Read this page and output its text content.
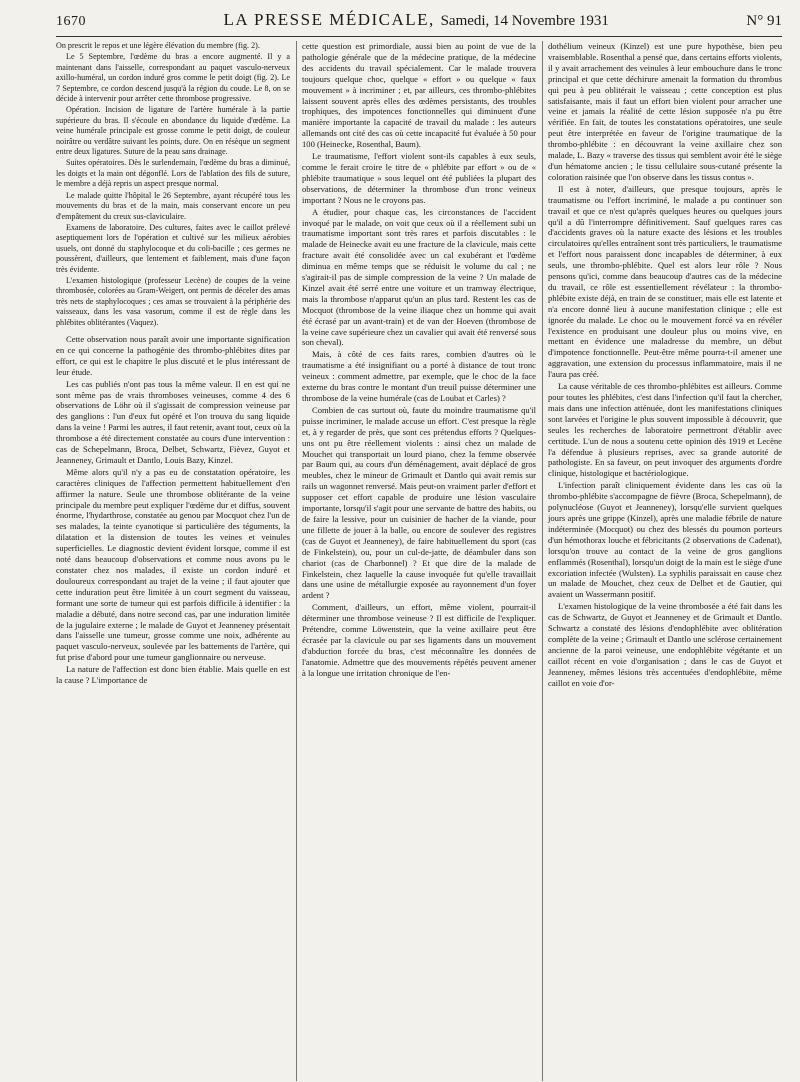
1670	LA PRESSE MÉDICALE, Samedi, 14 Novembre 1931	N° 91

On prescrit le repos et une légère élévation du membre (fig. 2).

Le 5 Septembre, l'œdème du bras a encore augmenté. Il y a maintenant dans l'aisselle, correspondant au paquet vasculo-nerveux axillo-huméral, un cordon induré gros comme le petit doigt (fig. 2). Le 7 Septembre, ce cordon descend jusqu'à la région du coude. Le 8, on se décide à intervenir pour arrêter cette thrombose progressive.

Opération. Incision de ligature de l'artère humérale à la partie supérieure du bras. Il s'écoule en abondance du liquide d'œdème. La veine humérale principale est grosse comme le petit doigt, de couleur noirâtre ou verdâtre suivant les points, dure. On en résèque un segment entre deux ligatures. Suture de la peau sans drainage.

Suites opératoires. Dès le surlendemain, l'œdème du bras a diminué, les doigts et la main ont dégonflé. Lors de l'ablation des fils de suture, le membre a déjà repris un aspect presque normal.

Le malade quitte l'hôpital le 26 Septembre, ayant récupéré tous les mouvements du bras et de la main, mais conservant encore un peu d'empâtement du creux sus-claviculaire.

Examens de laboratoire. Des cultures, faites avec le caillot prélevé aseptiquement lors de l'opération et cultivé sur les milieux aérobies usuels, ont donné du staphylocoque et du coli-bacille ; ces germes ne poussèrent, d'ailleurs, que lentement et faiblement, mais d'une façon très évidente.

L'examen histologique (professeur Lecène) de coupes de la veine thrombosée, colorées au Gram-Weigert, ont permis de déceler des amas très nets de staphylocoques ; ces amas se trouvaient à la périphérie des vaisseaux, dans les vasa vasorum, comme il est de règle dans les phlébites oblitérantes (Vaquez).

Cette observation nous paraît avoir une importante signification en ce qui concerne la pathogénie des thrombo-phlébites dites par effort, ce qui est le chapitre le plus discuté et le plus intéressant de leur étude.

Les cas publiés n'ont pas tous la même valeur. Il en est qui ne sont même pas de vrais thromboses veineuses, comme 4 des 6 observations de Löhr où il s'agissait de compression veineuse par des ganglions : l'un d'eux fut opéré et l'on trouva du sang liquide dans la veine ! Parmi les autres, il faut retenir, avant tout, ceux où la thrombose a été directement constatée au cours d'une intervention : cas de Schepelmann, Broca, Delbet, Schwartz, Fièvez, Guyot et Jeanneney, Grimault et Dantlo, Louis Bazy, Kinzel.

Même alors qu'il n'y a pas eu de constatation opératoire, les caractères cliniques de l'affection permettent habituellement d'en affirmer la nature. Seule une thrombose oblitérante de la veine principale du membre peut expliquer l'œdème dur et diffus, souvent énorme, l'hydarthrose, constatée au genou par Mocquot chez l'un de ses malades, la teinte cyanotique si particulière des téguments, la dilatation et la distension de toutes les veines et veinules superficielles. Le diagnostic devient évident lorsque, comme il est noté dans beaucoup d'observations et comme nous avons pu le constater chez nos malades, il existe un cordon induré et douloureux correspondant au trajet de la veine ; il faut ajouter que cette induration peut être limitée à un court segment du vaisseau, formant une sorte de tumeur qui est parfois difficile à identifier : la maladie a débuté, dans notre second cas, par une induration limitée de la jugulaire externe ; le malade de Guyot et Jeanneney présentait dans l'aisselle une tumeur, grosse comme une noix, adhérente au paquet vasculo-nerveux, soulevée par les battements de l'artère, qui fut prise d'abord pour une tumeur ganglionnaire ou nerveuse.

La nature de l'affection est donc bien établie. Mais quelle en est la cause ? L'importance de

cette question est primordiale, aussi bien au point de vue de la pathologie générale que de la médecine pratique, de la médecine des accidents du travail spécialement. Car le malade trouvera toujours quelque choc, quelque « effort » ou quelque « faux mouvement » à incriminer ; et, par ailleurs, ces thrombo-phlébites laissent souvent après elles des œdèmes persistants, des troubles trophiques, des impotences fonctionnelles qui diminuent d'une manière importante la capacité de travail du malade : les auteurs allemands ont cité des cas où cette incapacité fut évaluée à 50 pour 100 (Heinecke, Rosenthal, Baum).

Le traumatisme, l'effort violent sont-ils capables à eux seuls, comme le ferait croire le titre de « phlébite par effort » ou de « phlébite traumatique » sous lequel ont été publiées la plupart des observations, de déterminer la thrombose d'un tronc veineux important ? Nous ne le croyons pas.

A étudier, pour chaque cas, les circonstances de l'accident invoqué par le malade, on voit que ceux où il a réellement subi un traumatisme important sont très rares et parfois discutables : le malade de Heinecke avait eu une fracture de la clavicule, mais cette fracture avait été consolidée avec un cal exubérant et l'œdème diminua en même temps que se réduisit le volume du cal ; ne s'agirait-il pas de simple compression de la veine ? Un malade de Kinzel avait été serré entre une voiture et un tramway électrique, mais la thrombose n'apparut qu'un an plus tard. Restent les cas de Mocquot (thrombose de la veine iliaque chez un homme qui avait été écrasé par un avant-train) et de van der Hoeven (thrombose de la veine cave supérieure chez un cavalier qui avait été renversé sous son cheval).

Mais, à côté de ces faits rares, combien d'autres où le traumatisme a été insignifiant ou a porté à distance de tout tronc veineux : comment admettre, par exemple, que le choc de la face externe du bras contre le montant d'un treuil puisse déterminer une thrombose de la veine humérale (cas de Loubat et Carles) ?

Combien de cas surtout où, faute du moindre traumatisme qu'il puisse incriminer, le malade accuse un effort. C'est presque la règle et, à y regarder de près, que sont ces prétendus efforts ? Quelques-uns ont pu être réellement violents : ainsi chez un malade de Mouchet qui transportait un lourd piano, chez la femme observée par Baum qui, au cours d'un déménagement, avait déplacé de gros meubles, chez le mineur de Grimault et Dantlo qui avait remis sur rails un wagonnet renversé. Mais peut-on vraiment parler d'effort et supposer cet effort capable de produire une lésion vasculaire importante, lorsqu'il s'agit pour une servante de battre des habits, ou de faire la lessive, pour un cuisinier de hacher de la viande, pour une fillette de jouer à la balle, ou encore de soulever des registres (cas de Guyot et Jeanneney), de faire habituellement du sport (cas de Finkelstein), ou, pour un cul-de-jatte, de déambuler dans son chariot (cas de Charbonnel) ? Et que dire de la malade de Finkelstein, chez laquelle la cause invoquée fut qu'elle travaillait dans une usine de métallurgie exposée au rayonnement d'un foyer ardent ?

Comment, d'ailleurs, un effort, même violent, pourrait-il déterminer une thrombose veineuse ? Il est difficile de l'expliquer. Prétendre, comme Löwenstein, que la veine axillaire peut être écrasée par la clavicule ou par ses ligaments dans un mouvement d'abduction forcée du bras, c'est méconnaître les données de l'anatomie. Admettre que des mouvements répétés peuvent amener à la longue une irritation chronique de l'en-

dothélium veineux (Kinzel) est une pure hypothèse, bien peu vraisemblable. Rosenthal a pensé que, dans certains efforts violents, il y avait arrachement des veinules à leur embouchure dans le tronc principal et que cette déchirure amenait la formation du thrombus qui peu à peu oblitérait le vaisseau ; cette conception est plus satisfaisante, mais il faut un effort bien violent pour arracher une veine et jamais la réalité de cette lésion supposée n'a pu être vérifiée. En fait, de toutes les constatations opératoires, une seule peut être interprétée en faveur de l'origine traumatique de la thrombo-phlébite : en découvrant la veine axillaire chez son malade, L. Bazy « traverse des tissus qui semblent avoir été le siège d'un hématome ancien ; le tissu cellulaire sous-cutané présente la coloration raisinée que l'on observe dans les tissus contus ».

Il est à noter, d'ailleurs, que presque toujours, après le traumatisme ou l'effort incriminé, le malade a pu continuer son travail et que ce n'est qu'après quelques heures ou quelques jours qu'il a dû l'interrompre définitivement. Sauf quelques rares cas d'accidents graves où la nature exacte des lésions et les troubles circulatoires qu'elles entraînent sont très particuliers, le traumatisme et l'effort nous paraissent donc incapables de déterminer, à eux seuls, une thrombo-phlébite. Quel est alors leur rôle ? Nous pensons qu'ici, comme dans beaucoup d'autres cas de la médecine du travail, ce rôle est essentiellement révélateur : la thrombo-phlébite existe déjà, en train de se constituer, mais elle est latente et n'a encore donné lieu à aucune manifestation clinique ; elle est ignorée du malade. Le choc ou le mouvement forcé va en révéler l'existence en produisant une douleur plus ou moins vive, en mettant en évidence une maladresse du membre, un début d'impotence fonctionnelle. Peut-être même pourra-t-il amener une aggravation, une extension du processus inflammatoire, mais il ne l'aura pas créé.

La cause véritable de ces thrombo-phlébites est ailleurs. Comme pour toutes les phlébites, c'est dans l'infection qu'il faut la chercher, mais dans une infection atténuée, dont les manifestations cliniques sont larvées et l'origine le plus souvent impossible à découvrir, que seules les recherches de laboratoire permettront d'établir avec certitude. L'un de nous a soutenu cette opinion dès 1919 et Lecène l'a défendue à plusieurs reprises, avec sa grande autorité de pathologiste. En sa faveur, on peut invoquer des arguments d'ordre clinique, histologique et bactériologique.

L'infection paraît cliniquement évidente dans les cas où la thrombo-phlébite s'accompagne de fièvre (Broca, Schepelmann), de polynucléose (Guyot et Jeanneney), lorsqu'elle survient quelques jours après une grippe (Kinzel), après une maladie fébrile de nature indéterminée (Mocquot) ou chez des blessés du poumon porteurs d'un hémothorax louche et fébricitants (2 observations de Cadenat), lorsqu'on trouve au contact de la veine de gros ganglions enflammés (Rosenthal), lorsqu'un doigt de la main est le siège d'une excoriation infectée (Wulsten). La syphilis paraissait en cause chez un malade de Mouchet, chez ceux de Delbet et de Gautier, qui avaient un Wassermann positif.

L'examen histologique de la veine thrombosée a été fait dans les cas de Schwartz, de Guyot et Jeanneney et de Grimault et Dantlo. Schwartz a constaté des lésions d'endophlébite avec oblitération complète de la veine ; Grimault et Dantlo une sclérose certainement ancienne de la paroi veineuse, une endophlébite végétante et un caillot récent en voie d'organisation ; dans le cas de Guyot et Jeanneney, mêmes lésions très accentuées d'endophlébite, même caillot en voie d'or-
